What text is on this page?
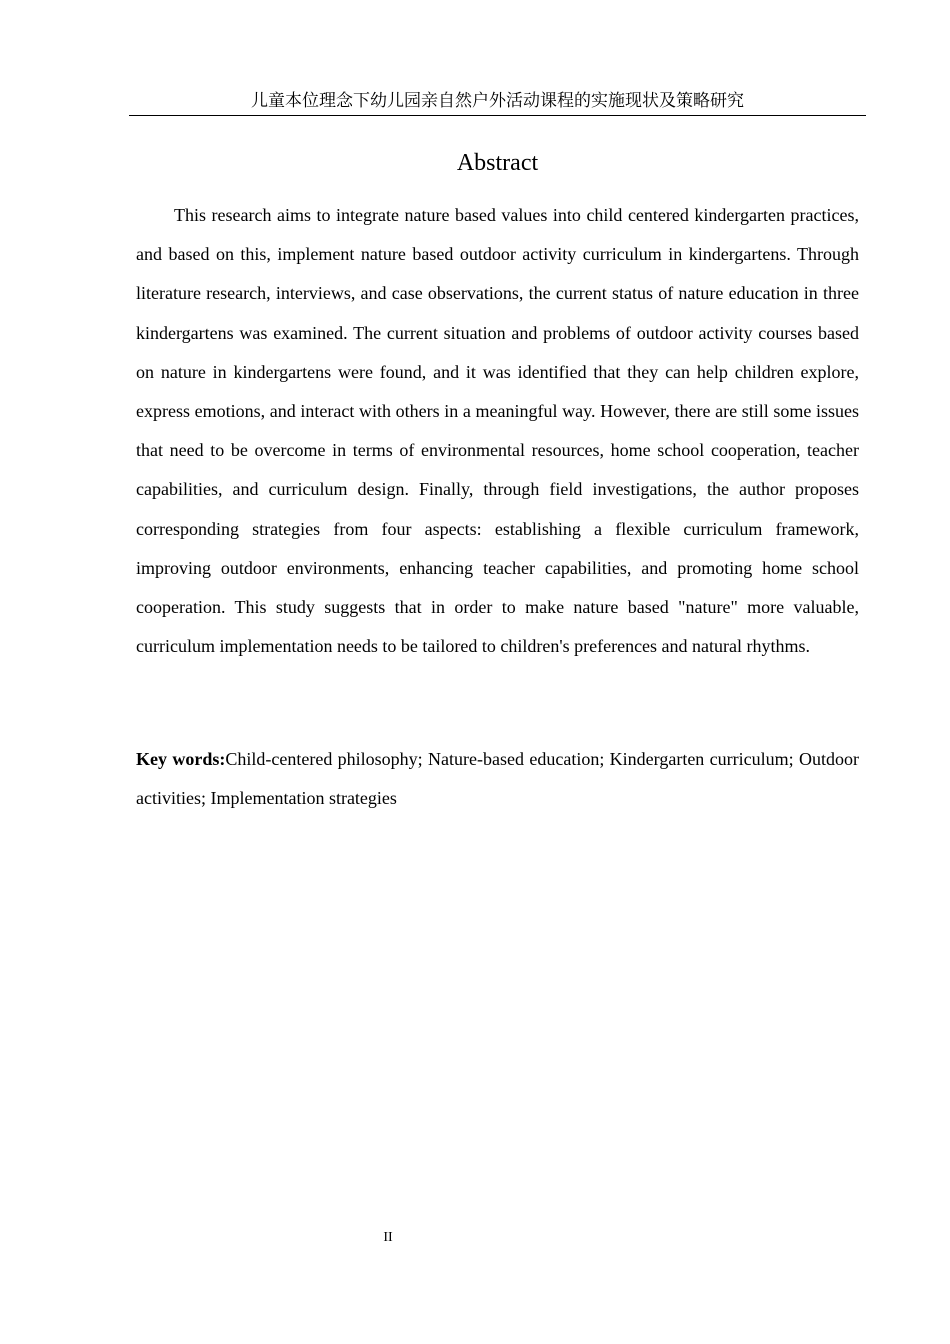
儿童本位理念下幼儿园亲自然户外活动课程的实施现状及策略研究
Abstract

This research aims to integrate nature based values into child centered kindergarten practices, and based on this, implement nature based outdoor activity curriculum in kindergartens. Through literature research, interviews, and case observations, the current status of nature education in three kindergartens was examined. The current situation and problems of outdoor activity courses based on nature in kindergartens were found, and it was identified that they can help children explore, express emotions, and interact with others in a meaningful way. However, there are still some issues that need to be overcome in terms of environmental resources, home school cooperation, teacher capabilities, and curriculum design. Finally, through field investigations, the author proposes corresponding strategies from four aspects: establishing a flexible curriculum framework, improving outdoor environments, enhancing teacher capabilities, and promoting home school cooperation. This study suggests that in order to make nature based "nature" more valuable, curriculum implementation needs to be tailored to children's preferences and natural rhythms.

Key words:Child-centered philosophy; Nature-based education; Kindergarten curriculum; Outdoor activities; Implementation strategies

II
